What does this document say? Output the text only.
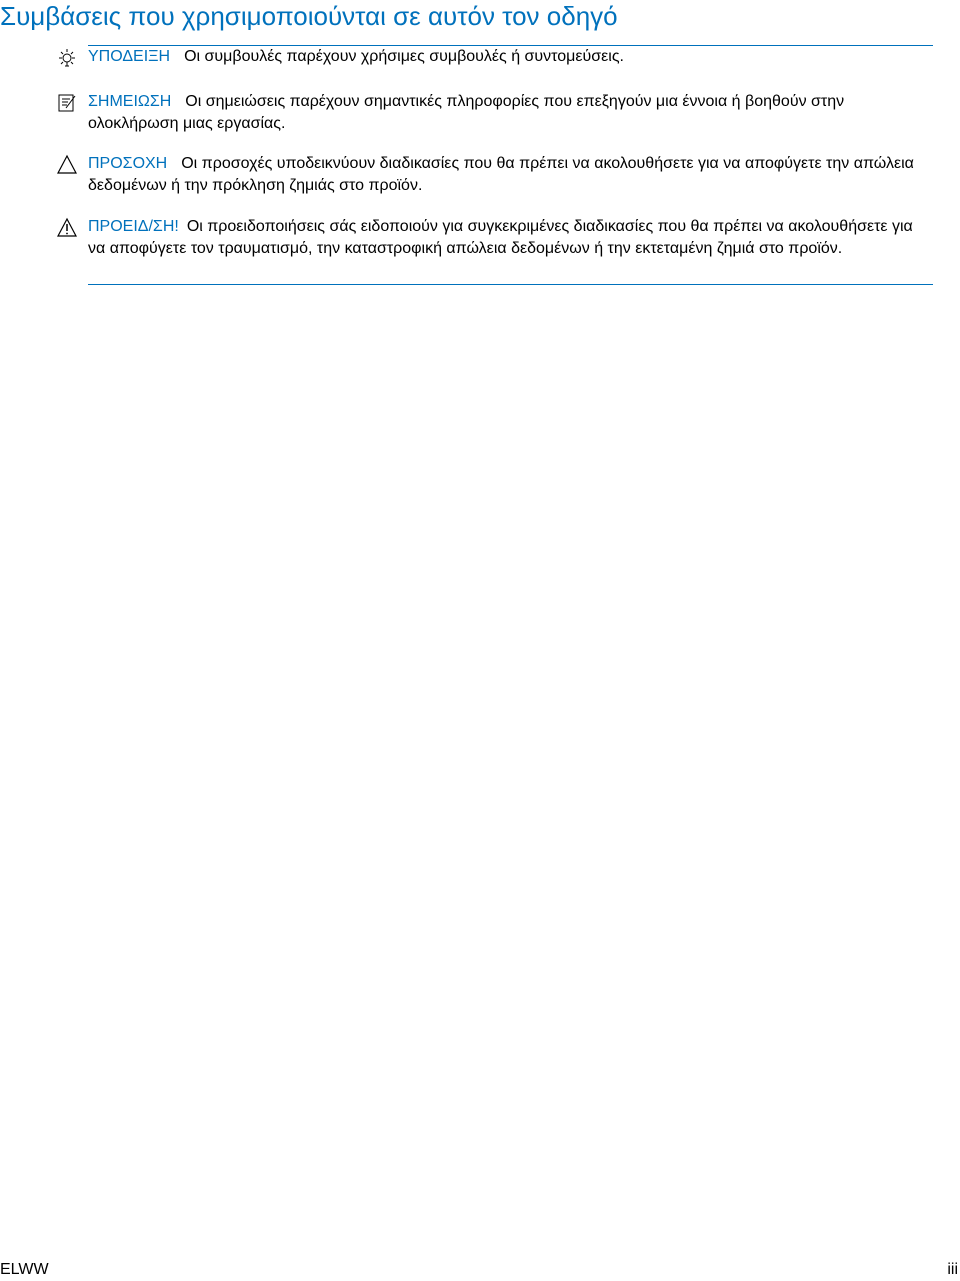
Συμβάσεις που χρησιμοποιούνται σε αυτόν τον οδηγό
ΥΠΟΔΕΙΞΗ Οι συμβουλές παρέχουν χρήσιμες συμβουλές ή συντομεύσεις.
ΣΗΜΕΙΩΣΗ Οι σημειώσεις παρέχουν σημαντικές πληροφορίες που επεξηγούν μια έννοια ή βοηθούν στην ολοκλήρωση μιας εργασίας.
ΠΡΟΣΟΧΗ Οι προσοχές υποδεικνύουν διαδικασίες που θα πρέπει να ακολουθήσετε για να αποφύγετε την απώλεια δεδομένων ή την πρόκληση ζημιάς στο προϊόν.
ΠΡΟΕΙΔ/ΣΗ! Οι προειδοποιήσεις σάς ειδοποιούν για συγκεκριμένες διαδικασίες που θα πρέπει να ακολουθήσετε για να αποφύγετε τον τραυματισμό, την καταστροφική απώλεια δεδομένων ή την εκτεταμένη ζημιά στο προϊόν.
ELWW	iii
